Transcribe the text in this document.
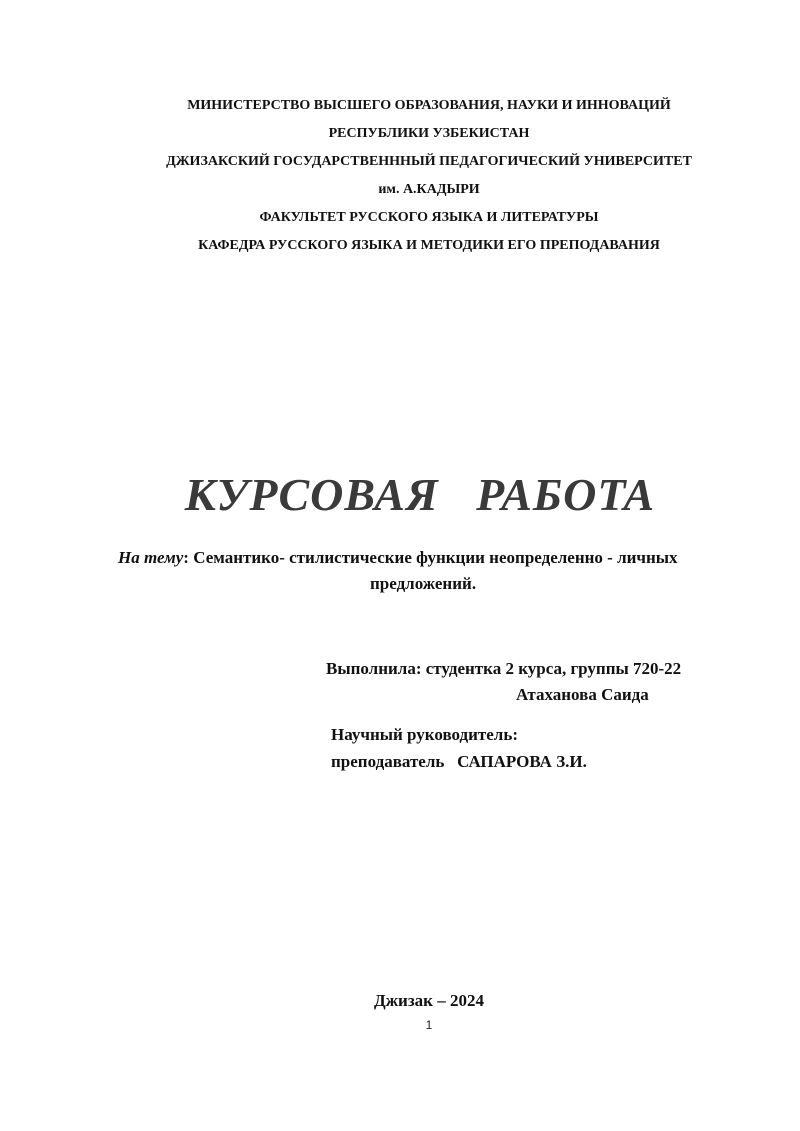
МИНИСТЕРСТВО ВЫСШЕГО ОБРАЗОВАНИЯ, НАУКИ И ИННОВАЦИЙ
РЕСПУБЛИКИ УЗБЕКИСТАН
ДЖИЗАКСКИЙ ГОСУДАРСТВЕНННЫЙ ПЕДАГОГИЧЕСКИЙ УНИВЕРСИТЕТ
им. А.КАДЫРИ
ФАКУЛЬТЕТ РУССКОГО ЯЗЫКА И ЛИТЕРАТУРЫ
КАФЕДРА РУССКОГО ЯЗЫКА И МЕТОДИКИ ЕГО ПРЕПОДАВАНИЯ
КУРСОВАЯ   РАБОТА
На тему: Семантико- стилистические функции неопределенно - личных
предложений.
Выполнила: студентка 2 курса, группы 720-22
Атаханова Саида
Научный руководитель:
преподаватель   САПАРОВА З.И.
Джизак – 2024
1
